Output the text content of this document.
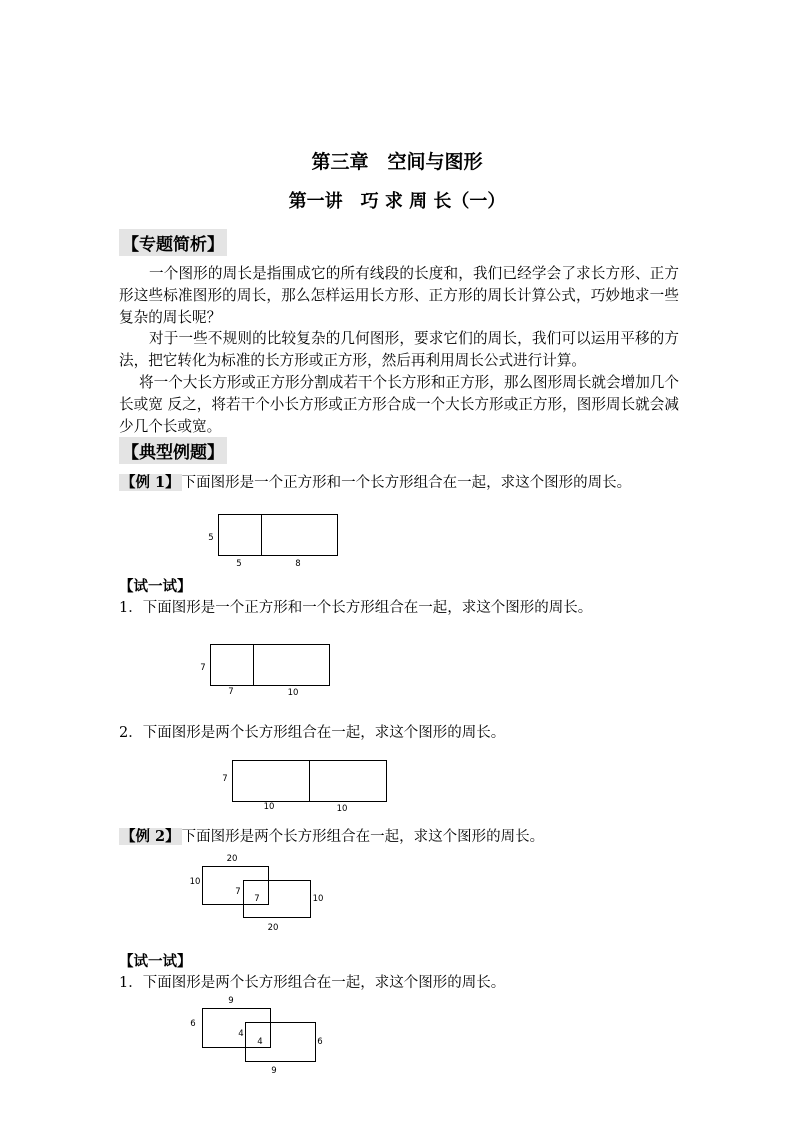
第三章　空间与图形
第一讲　巧 求 周 长（一）
【专题简析】

一个图形的周长是指围成它的所有线段的长度和，我们已经学会了求长方形、正方形这些标准图形的周长，那么怎样运用长方形、正方形的周长计算公式，巧妙地求一些复杂的周长呢？

对于一些不规则的比较复杂的几何图形，要求它们的周长，我们可以运用平移的方法，把它转化为标准的长方形或正方形，然后再利用周长公式进行计算。

将一个大长方形或正方形分割成若干个长方形和正方形，那么图形周长就会增加几个长或宽 反之，将若干个小长方形或正方形合成一个大长方形或正方形，图形周长就会减少几个长或宽。

【典型例题】
【例 1】 下面图形是一个正方形和一个长方形组合在一起，求这个图形的周长。
【试一试】
1．下面图形是一个正方形和一个长方形组合在一起，求这个图形的周长。
2．下面图形是两个长方形组合在一起，求这个图形的周长。
【例 2】 下面图形是两个长方形组合在一起，求这个图形的周长。
【试一试】
1．下面图形是两个长方形组合在一起，求这个图形的周长。
5
5	8
7
7	10
7
10	10
20
10
7
7	10
20
9
6
4
4	6
9
